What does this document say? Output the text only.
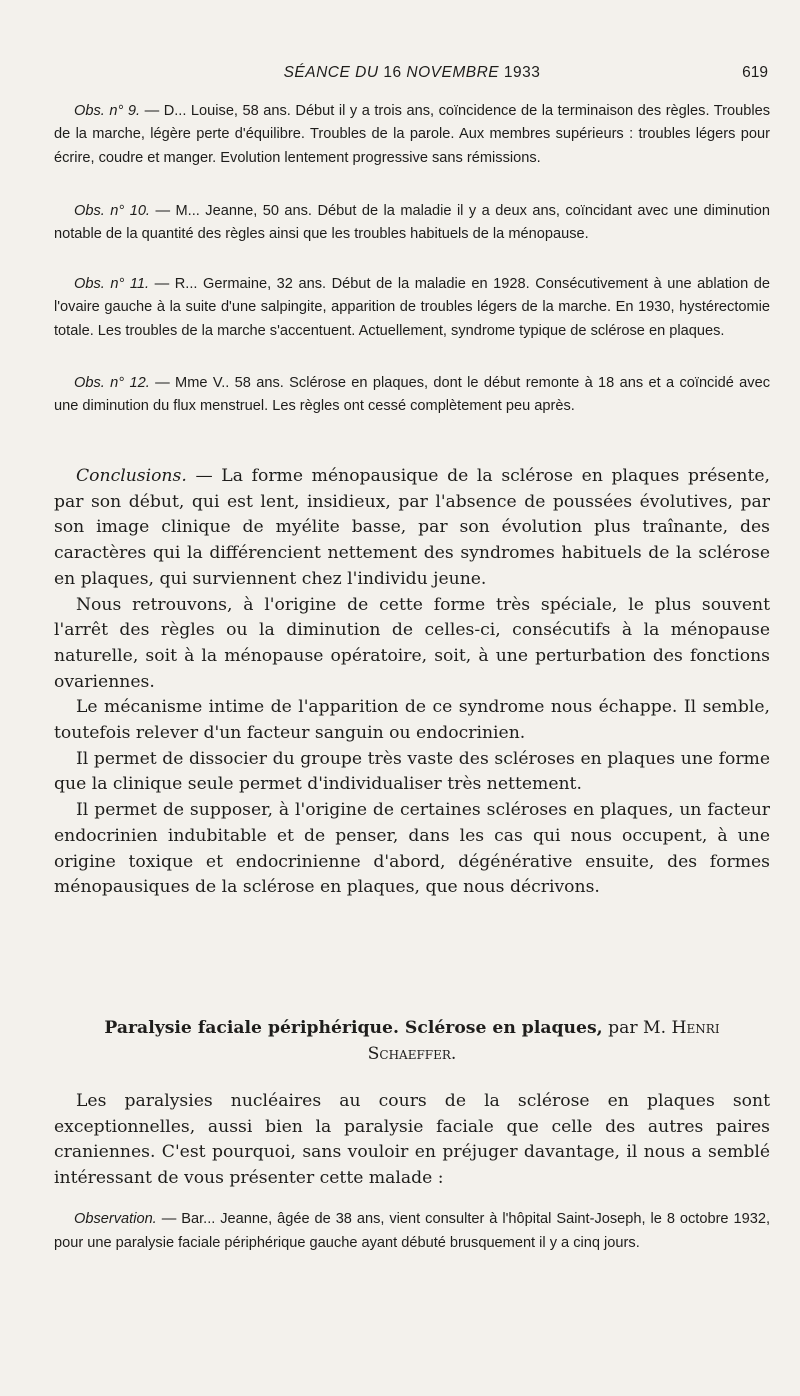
SÉANCE DU 16 NOVEMBRE 1933	619

Obs. n° 9. — D... Louise, 58 ans. Début il y a trois ans, coïncidence de la terminaison des règles. Troubles de la marche, légère perte d'équilibre. Troubles de la parole. Aux membres supérieurs : troubles légers pour écrire, coudre et manger. Evolution lentement progressive sans rémissions.

Obs. n° 10. — M... Jeanne, 50 ans. Début de la maladie il y a deux ans, coïncidant avec une diminution notable de la quantité des règles ainsi que les troubles habituels de la ménopause.

Obs. n° 11. — R... Germaine, 32 ans. Début de la maladie en 1928. Consécutivement à une ablation de l'ovaire gauche à la suite d'une salpingite, apparition de troubles légers de la marche. En 1930, hystérectomie totale. Les troubles de la marche s'accentuent. Actuellement, syndrome typique de sclérose en plaques.

Obs. n° 12. — Mme V.. 58 ans. Sclérose en plaques, dont le début remonte à 18 ans et a coïncidé avec une diminution du flux menstruel. Les règles ont cessé complètement peu après.

Conclusions. — La forme ménopausique de la sclérose en plaques présente, par son début, qui est lent, insidieux, par l'absence de poussées évolutives, par son image clinique de myélite basse, par son évolution plus traînante, des caractères qui la différencient nettement des syndromes habituels de la sclérose en plaques, qui surviennent chez l'individu jeune.

Nous retrouvons, à l'origine de cette forme très spéciale, le plus souvent l'arrêt des règles ou la diminution de celles-ci, consécutifs à la ménopause naturelle, soit à la ménopause opératoire, soit, à une perturbation des fonctions ovariennes.

Le mécanisme intime de l'apparition de ce syndrome nous échappe. Il semble, toutefois relever d'un facteur sanguin ou endocrinien.

Il permet de dissocier du groupe très vaste des scléroses en plaques une forme que la clinique seule permet d'individualiser très nettement.

Il permet de supposer, à l'origine de certaines scléroses en plaques, un facteur endocrinien indubitable et de penser, dans les cas qui nous occupent, à une origine toxique et endocrinienne d'abord, dégénérative ensuite, des formes ménopausiques de la sclérose en plaques, que nous décrivons.

Paralysie faciale périphérique. Sclérose en plaques, par M. Henri
Schaeffer.

Les paralysies nucléaires au cours de la sclérose en plaques sont exceptionnelles, aussi bien la paralysie faciale que celle des autres paires craniennes. C'est pourquoi, sans vouloir en préjuger davantage, il nous a semblé intéressant de vous présenter cette malade :

Observation. — Bar... Jeanne, âgée de 38 ans, vient consulter à l'hôpital Saint-Joseph, le 8 octobre 1932, pour une paralysie faciale périphérique gauche ayant débuté brusquement il y a cinq jours.
